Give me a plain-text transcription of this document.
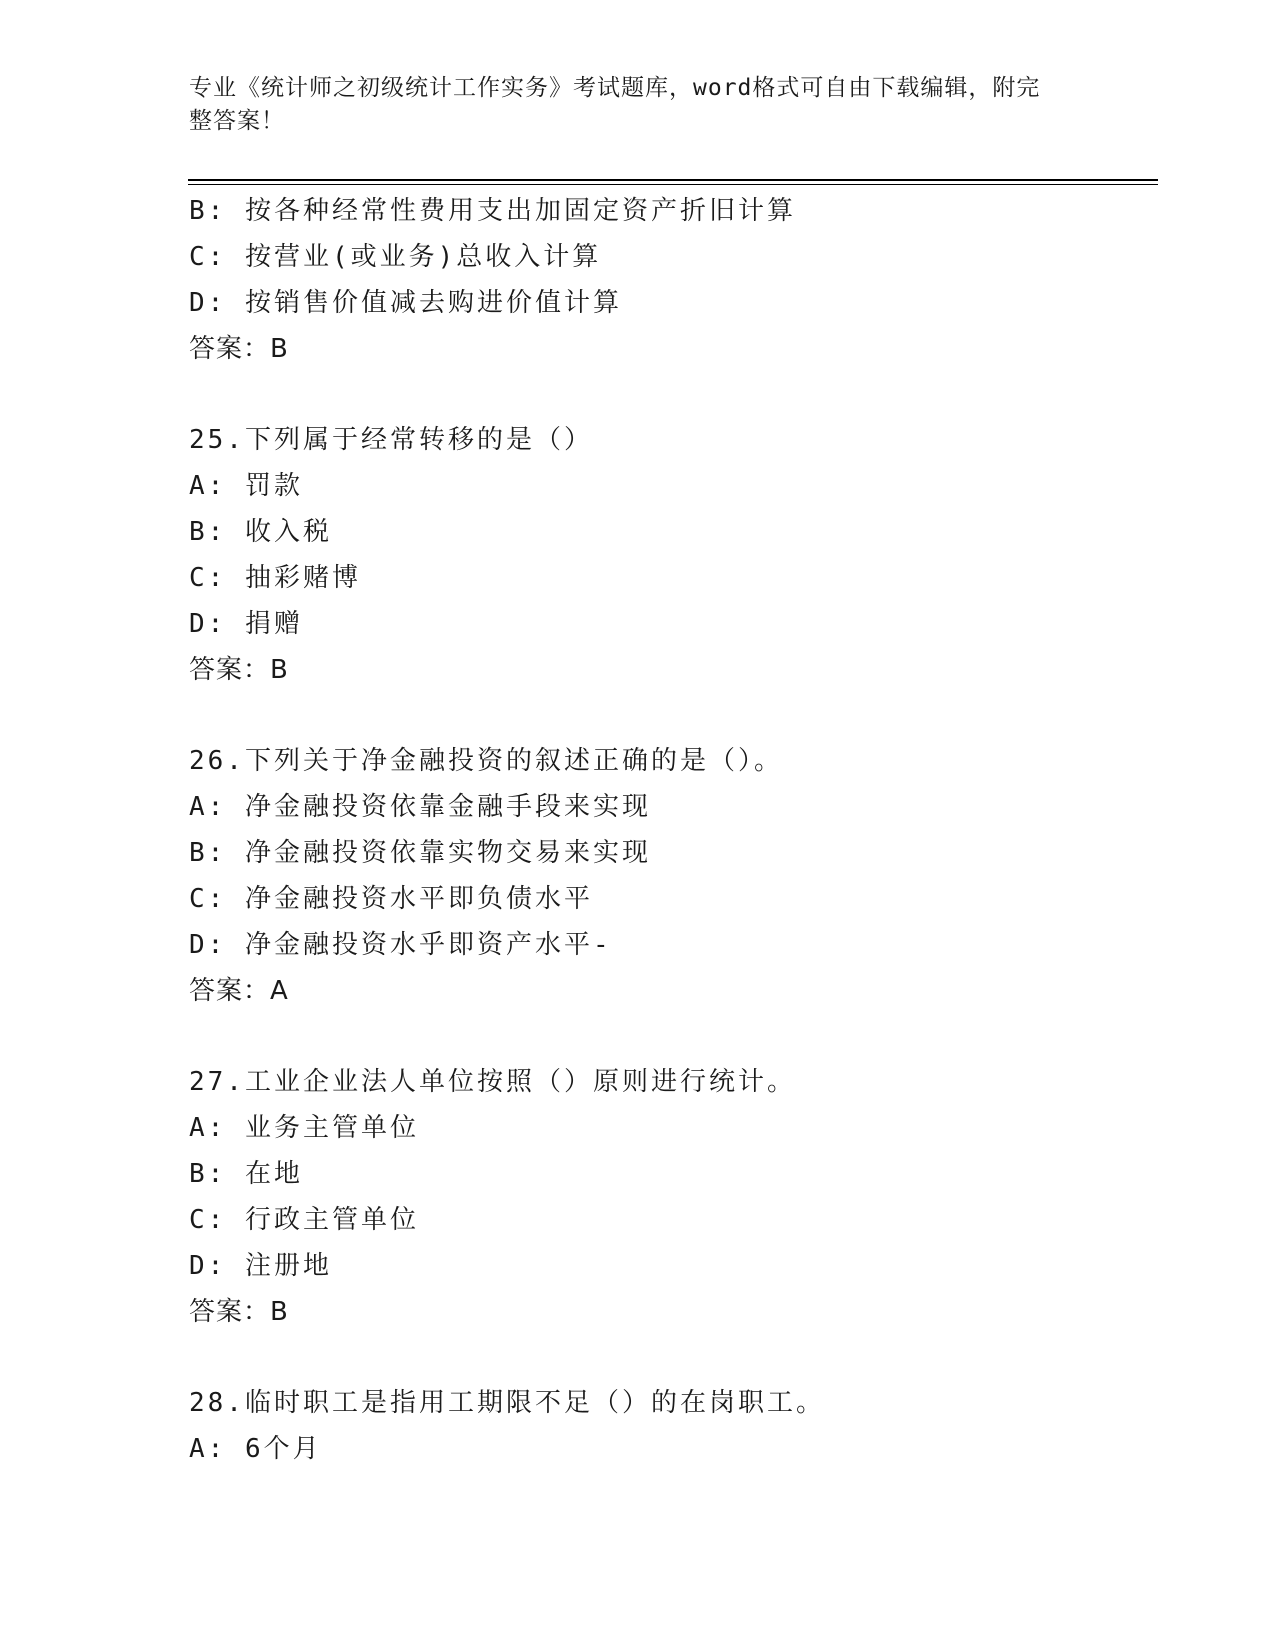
专业《统计师之初级统计工作实务》考试题库，word格式可自由下载编辑，附完
整答案！
B: 按各种经常性费用支出加固定资产折旧计算
C: 按营业(或业务)总收入计算
D: 按销售价值减去购进价值计算
答案：B
25.下列属于经常转移的是（）
A: 罚款
B: 收入税
C: 抽彩赌博
D: 捐赠
答案：B
26.下列关于净金融投资的叙述正确的是（）。
A: 净金融投资依靠金融手段来实现
B: 净金融投资依靠实物交易来实现
C: 净金融投资水平即负债水平
D: 净金融投资水乎即资产水平-
答案：A
27.工业企业法人单位按照（）原则进行统计。
A: 业务主管单位
B: 在地
C: 行政主管单位
D: 注册地
答案：B
28.临时职工是指用工期限不足（）的在岗职工。
A: 6个月
